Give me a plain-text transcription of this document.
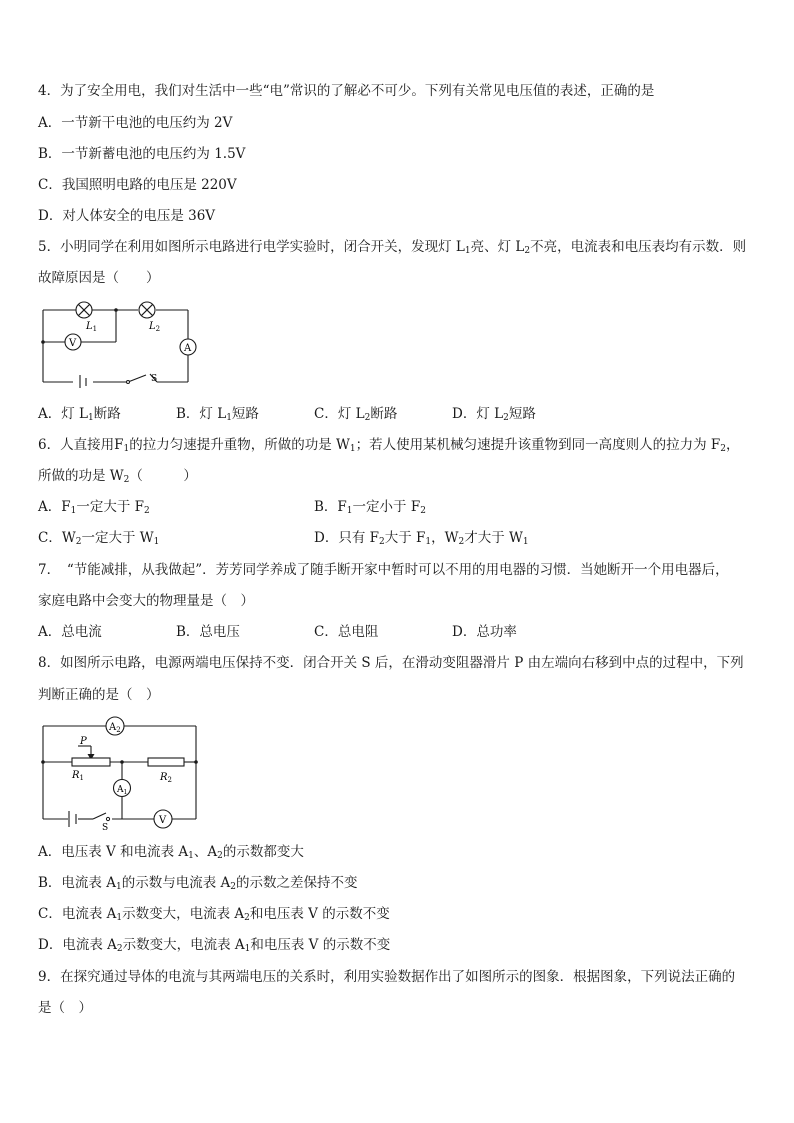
4．为了安全用电，我们对生活中一些“电”常识的了解必不可少。下列有关常见电压值的表述，正确的是
A．一节新干电池的电压约为 2V
B．一节新蓄电池的电压约为 1.5V
C．我国照明电路的电压是 220V
D．对人体安全的电压是 36V
5．小明同学在利用如图所示电路进行电学实验时，闭合开关，发现灯 $L_1$亮、灯 $L_2$不亮，电流表和电压表均有示数．则
故障原因是（　　）
$L_1$	$L_2$
V	A
S
A．灯 $L_1$断路	B．灯 $L_1$短路	C．灯 $L_2$断路	D．灯 $L_2$短路
6．人直接用$F_1$的拉力匀速提升重物，所做的功是 $W_1$；若人使用某机械匀速提升该重物到同一高度则人的拉力为 $F_2$，
所做的功是 $W_2$（　　　）
A．$F_1$一定大于 $F_2$	B．$F_1$一定小于 $F_2$
C．$W_2$一定大于 $W_1$	D．只有 $F_2$大于 $F_1$，$W_2$才大于 $W_1$
7．　“节能减排，从我做起”．芳芳同学养成了随手断开家中暂时可以不用的用电器的习惯．当她断开一个用电器后，
家庭电路中会变大的物理量是（　）
A．总电流	B．总电压	C．总电阻	D．总功率
8．如图所示电路，电源两端电压保持不变．闭合开关 S 后，在滑动变阻器滑片 P 由左端向右移到中点的过程中，下列
判断正确的是（　）
$A_2$
P
$R_1$	$R_2$
$A_1$
S
V
A．电压表 V 和电流表 $A_1$、$A_2$的示数都变大
B．电流表 $A_1$的示数与电流表 $A_2$的示数之差保持不变
C．电流表 $A_1$示数变大，电流表 $A_2$和电压表 V 的示数不变
D．电流表 $A_2$示数变大，电流表 $A_1$和电压表 V 的示数不变
9．在探究通过导体的电流与其两端电压的关系时，利用实验数据作出了如图所示的图象．根据图象，下列说法正确的
是（　）
